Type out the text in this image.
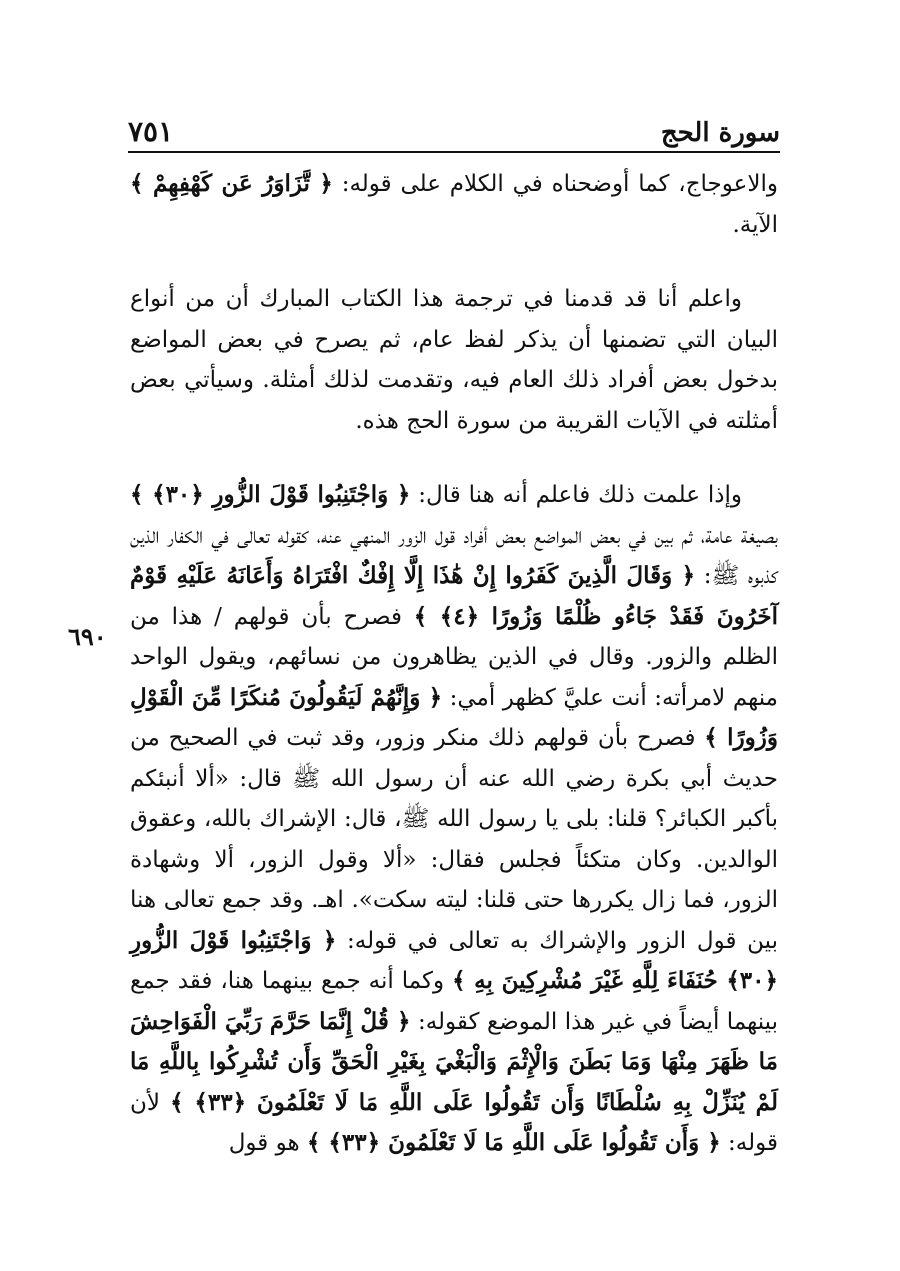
سورة الحج
٧٥١
٦٩٠

والاعوجاج، كما أوضحناه في الكلام على قوله: ﴿ تَّزَاوَرُ عَن كَهْفِهِمْ ﴾ الآية.

واعلم أنا قد قدمنا في ترجمة هذا الكتاب المبارك أن من أنواع البيان التي تضمنها أن يذكر لفظ عام، ثم يصرح في بعض المواضع بدخول بعض أفراد ذلك العام فيه، وتقدمت لذلك أمثلة. وسيأتي بعض أمثلته في الآيات القريبة من سورة الحج هذه.

وإذا علمت ذلك فاعلم أنه هنا قال: ﴿ وَاجْتَنِبُوا قَوْلَ الزُّورِ ﴿٣٠﴾ ﴾ بصيغة عامة، ثم بين في بعض المواضع بعض أفراد قول الزور المنهي عنه، كقوله تعالى في الكفار الذين كذبوه ﷺ: ﴿ وَقَالَ الَّذِينَ كَفَرُوا إِنْ هَٰذَا إِلَّا إِفْكٌ افْتَرَاهُ وَأَعَانَهُ عَلَيْهِ قَوْمٌ آخَرُونَ فَقَدْ جَاءُو ظُلْمًا وَزُورًا ﴿٤﴾ ﴾ فصرح بأن قولهم / هذا من الظلم والزور. وقال في الذين يظاهرون من نسائهم، ويقول الواحد منهم لامرأته: أنت عليَّ كظهر أمي: ﴿ وَإِنَّهُمْ لَيَقُولُونَ مُنكَرًا مِّنَ الْقَوْلِ وَزُورًا ﴾ فصرح بأن قولهم ذلك منكر وزور، وقد ثبت في الصحيح من حديث أبي بكرة رضي الله عنه أن رسول الله ﷺ قال: «ألا أنبئكم بأكبر الكبائر؟ قلنا: بلى يا رسول الله ﷺ، قال: الإشراك بالله، وعقوق الوالدين. وكان متكئاً فجلس فقال: «ألا وقول الزور، ألا وشهادة الزور، فما زال يكررها حتى قلنا: ليته سكت». اهـ. وقد جمع تعالى هنا بين قول الزور والإشراك به تعالى في قوله: ﴿ وَاجْتَنِبُوا قَوْلَ الزُّورِ ﴿٣٠﴾ حُنَفَاءَ لِلَّهِ غَيْرَ مُشْرِكِينَ بِهِ ﴾ وكما أنه جمع بينهما هنا، فقد جمع بينهما أيضاً في غير هذا الموضع كقوله: ﴿ قُلْ إِنَّمَا حَرَّمَ رَبِّيَ الْفَوَاحِشَ مَا ظَهَرَ مِنْهَا وَمَا بَطَنَ وَالْإِثْمَ وَالْبَغْيَ بِغَيْرِ الْحَقِّ وَأَن تُشْرِكُوا بِاللَّهِ مَا لَمْ يُنَزِّلْ بِهِ سُلْطَانًا وَأَن تَقُولُوا عَلَى اللَّهِ مَا لَا تَعْلَمُونَ ﴿٣٣﴾ ﴾ لأن قوله: ﴿ وَأَن تَقُولُوا عَلَى اللَّهِ مَا لَا تَعْلَمُونَ ﴿٣٣﴾ ﴾ هو قول
